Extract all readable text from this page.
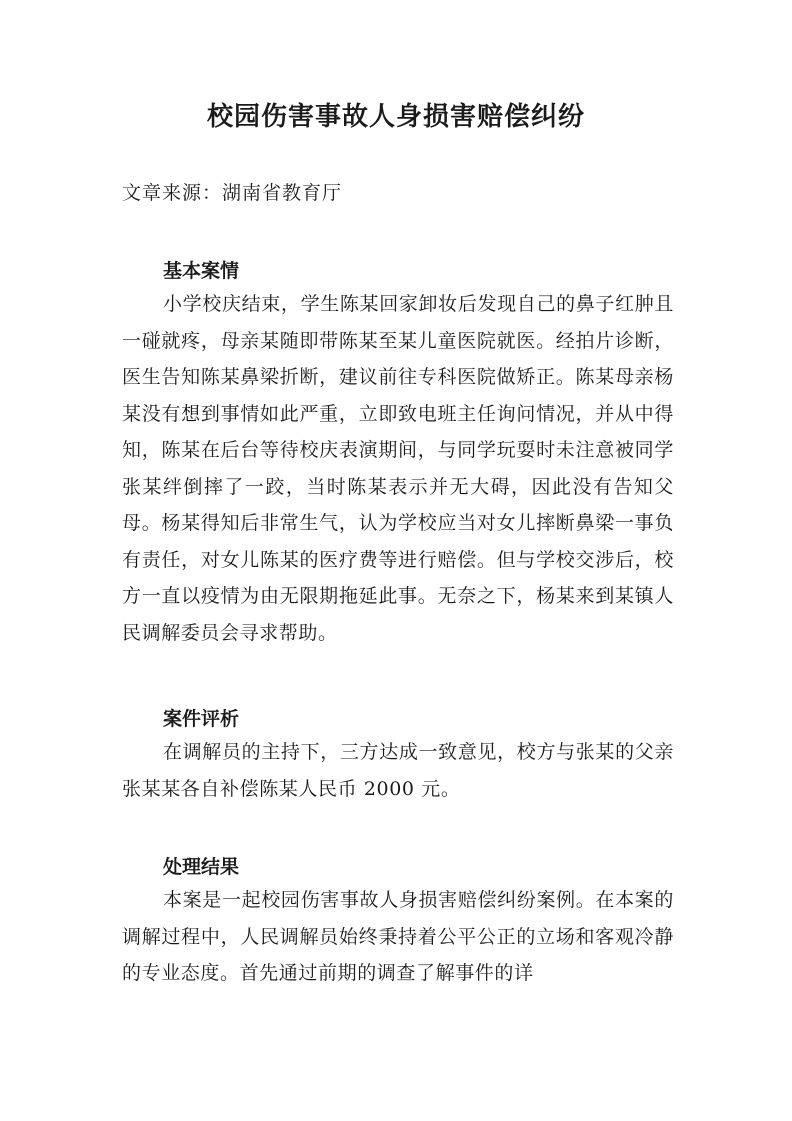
校园伤害事故人身损害赔偿纠纷
文章来源：湖南省教育厅
基本案情

小学校庆结束，学生陈某回家卸妆后发现自己的鼻子红肿且一碰就疼，母亲某随即带陈某至某儿童医院就医。经拍片诊断，医生告知陈某鼻梁折断，建议前往专科医院做矫正。陈某母亲杨某没有想到事情如此严重，立即致电班主任询问情况，并从中得知，陈某在后台等待校庆表演期间，与同学玩耍时未注意被同学张某绊倒摔了一跤，当时陈某表示并无大碍，因此没有告知父母。杨某得知后非常生气，认为学校应当对女儿摔断鼻梁一事负有责任，对女儿陈某的医疗费等进行赔偿。但与学校交涉后，校方一直以疫情为由无限期拖延此事。无奈之下，杨某来到某镇人民调解委员会寻求帮助。

案件评析

在调解员的主持下，三方达成一致意见，校方与张某的父亲张某某各自补偿陈某人民币 2000 元。

处理结果

本案是一起校园伤害事故人身损害赔偿纠纷案例。在本案的调解过程中，人民调解员始终秉持着公平公正的立场和客观冷静的专业态度。首先通过前期的调查了解事件的详
